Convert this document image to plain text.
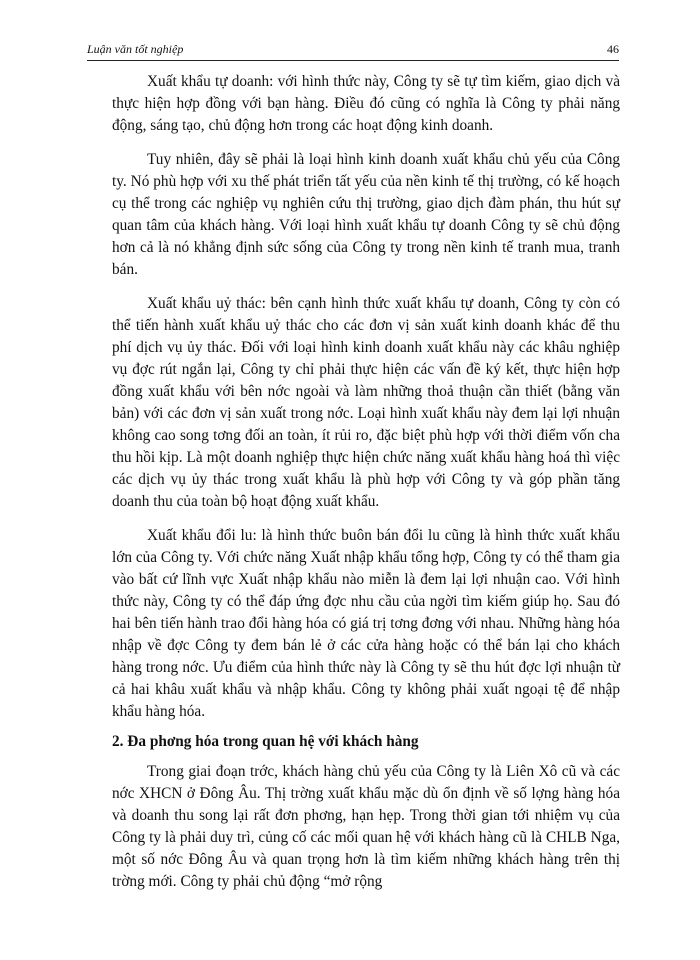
Luận văn tốt nghiệp	46

Xuất khẩu tự doanh: với hình thức này, Công ty sẽ tự tìm kiếm, giao dịch và thực hiện hợp đồng với bạn hàng. Điều đó cũng có nghĩa là Công ty phải năng động, sáng tạo, chủ động hơn trong các hoạt động kinh doanh.

Tuy nhiên, đây sẽ phải là loại hình kinh doanh xuất khẩu chủ yếu của Công ty. Nó phù hợp với xu thế phát triển tất yếu của nền kinh tế thị trường, có kế hoạch cụ thể trong các nghiệp vụ nghiên cứu thị trường, giao dịch đàm phán, thu hút sự quan tâm của khách hàng. Với loại hình xuất khẩu tự doanh Công ty sẽ chủ động hơn cả là nó khẳng định sức sống của Công ty trong nền kinh tế tranh mua, tranh bán.

Xuất khẩu uỷ thác: bên cạnh hình thức xuất khẩu tự doanh, Công ty còn có thể tiến hành xuất khẩu uỷ thác cho các đơn vị sản xuất kinh doanh khác để thu phí dịch vụ ủy thác. Đối với loại hình kinh doanh xuất khẩu này các khâu nghiệp vụ đợc rút ngắn lại, Công ty chỉ phải thực hiện các vấn đề ký kết, thực hiện hợp đồng xuất khẩu với bên nớc ngoài và làm những thoả thuận cần thiết (bằng văn bản) với các đơn vị sản xuất trong nớc. Loại hình xuất khẩu này đem lại lợi nhuận không cao song tơng đối an toàn, ít rủi ro, đặc biệt phù hợp với thời điểm vốn cha thu hồi kịp. Là một doanh nghiệp thực hiện chức năng xuất khẩu hàng hoá thì việc các dịch vụ ủy thác trong xuất khẩu là phù hợp với Công ty và góp phần tăng doanh thu của toàn bộ hoạt động xuất khẩu.

Xuất khẩu đổi lu: là hình thức buôn bán đổi lu cũng là hình thức xuất khẩu lớn của Công ty. Với chức năng Xuất nhập khẩu tổng hợp, Công ty có thể tham gia vào bất cứ lĩnh vực Xuất nhập khẩu nào miễn là đem lại lợi nhuận cao. Với hình thức này, Công ty có thể đáp ứng đợc nhu cầu của ngời tìm kiếm giúp họ. Sau đó hai bên tiến hành trao đổi hàng hóa có giá trị tơng đơng với nhau. Những hàng hóa nhập về đợc Công ty đem bán lẻ ở các cửa hàng hoặc có thể bán lại cho khách hàng trong nớc. Ưu điểm của hình thức này là Công ty sẽ thu hút đợc lợi nhuận từ cả hai khâu xuất khẩu và nhập khẩu. Công ty không phải xuất ngoại tệ để nhập khẩu hàng hóa.

2. Đa phơng hóa trong quan hệ với khách hàng

Trong giai đoạn trớc, khách hàng chủ yếu của Công ty là Liên Xô cũ và các nớc XHCN ở Đông Âu. Thị trờng xuất khẩu mặc dù ổn định về số lợng hàng hóa và doanh thu song lại rất đơn phơng, hạn hẹp. Trong thời gian tới nhiệm vụ của Công ty là phải duy trì, củng cố các mối quan hệ với khách hàng cũ là CHLB Nga, một số nớc Đông Âu và quan trọng hơn là tìm kiếm những khách hàng trên thị trờng mới. Công ty phải chủ động “mở rộng
